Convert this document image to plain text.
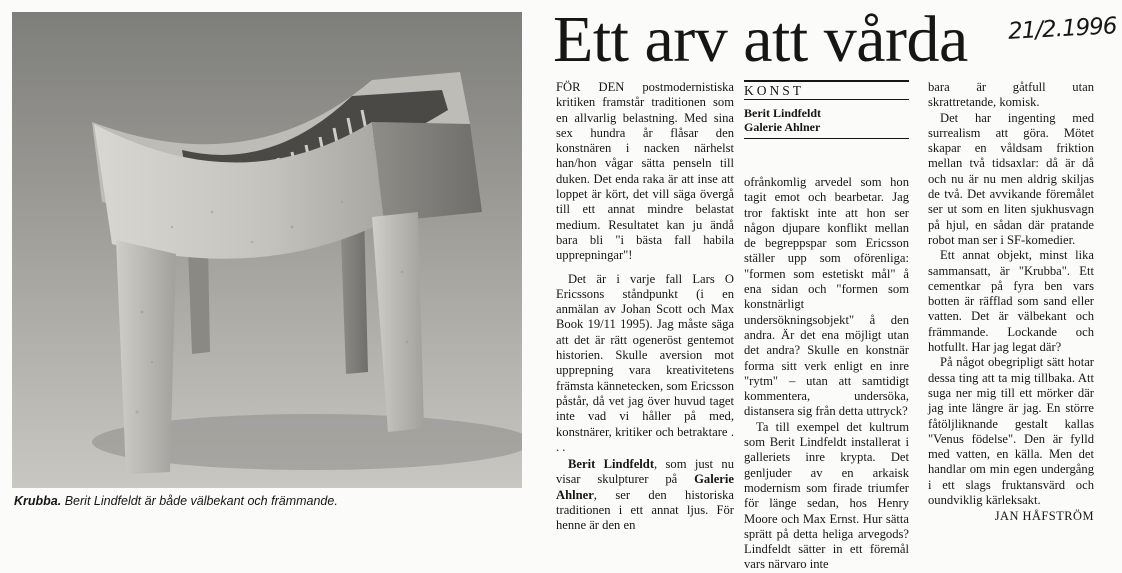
Krubba. Berit Lindfeldt är både välbekant och främmande.
Ett arv att vårda 21/2.1996

FÖR DEN postmodernistiska kritiken framstår traditionen som en allvarlig belastning. Med sina sex hundra år flåsar den konstnären i nacken närhelst han/hon vågar sätta penseln till duken. Det enda raka är att inse att loppet är kört, det vill säga övergå till ett annat mindre belastat medium. Resultatet kan ju ändå bara bli "i bästa fall habila upprepningar"!

Det är i varje fall Lars O Ericssons ståndpunkt (i en anmälan av Johan Scott och Max Book 19/11 1995). Jag måste säga att det är rätt ogeneröst gentemot historien. Skulle aversion mot upprepning vara kreativitetens främsta kännetecken, som Ericsson påstår, då vet jag över huvud taget inte vad vi håller på med, konstnärer, kritiker och betraktare . . .

Berit Lindfeldt, som just nu visar skulpturer på Galerie Ahlner, ser den historiska traditionen i ett annat ljus. För henne är den en

KONST
Berit Lindfeldt
Galerie Ahlner

ofrånkomlig arvedel som hon tagit emot och bearbetar. Jag tror faktiskt inte att hon ser någon djupare konflikt mellan de begreppspar som Ericsson ställer upp som oförenliga: "formen som estetiskt mål" å ena sidan och "formen som konstnärligt undersökningsobjekt" å den andra. Är det ena möjligt utan det andra? Skulle en konstnär forma sitt verk enligt en inre "rytm" – utan att samtidigt kommentera, undersöka, distansera sig från detta uttryck?

Ta till exempel det kultrum som Berit Lindfeldt installerat i galleriets inre krypta. Det genljuder av en arkaisk modernism som firade triumfer för länge sedan, hos Henry Moore och Max Ernst. Hur sätta sprätt på detta heliga arvegods? Lindfeldt sätter in ett föremål vars närvaro inte

bara är gåtfull utan skrattretande, komisk.

Det har ingenting med surrealism att göra. Mötet skapar en våldsam friktion mellan två tidsaxlar: då är då och nu är nu men aldrig skiljas de två. Det avvikande föremålet ser ut som en liten sjukhusvagn på hjul, en sådan där pratande robot man ser i SF-komedier.

Ett annat objekt, minst lika sammansatt, är "Krubba". Ett cementkar på fyra ben vars botten är räfflad som sand eller vatten. Det är välbekant och främmande. Lockande och hotfullt. Har jag legat där?

På något obegripligt sätt hotar dessa ting att ta mig tillbaka. Att suga ner mig till ett mörker där jag inte längre är jag. En större fåtöljliknande gestalt kallas "Venus födelse". Den är fylld med vatten, en källa. Men det handlar om min egen undergång i ett slags fruktansvärd och oundviklig kärleksakt.

JAN HÅFSTRÖM
